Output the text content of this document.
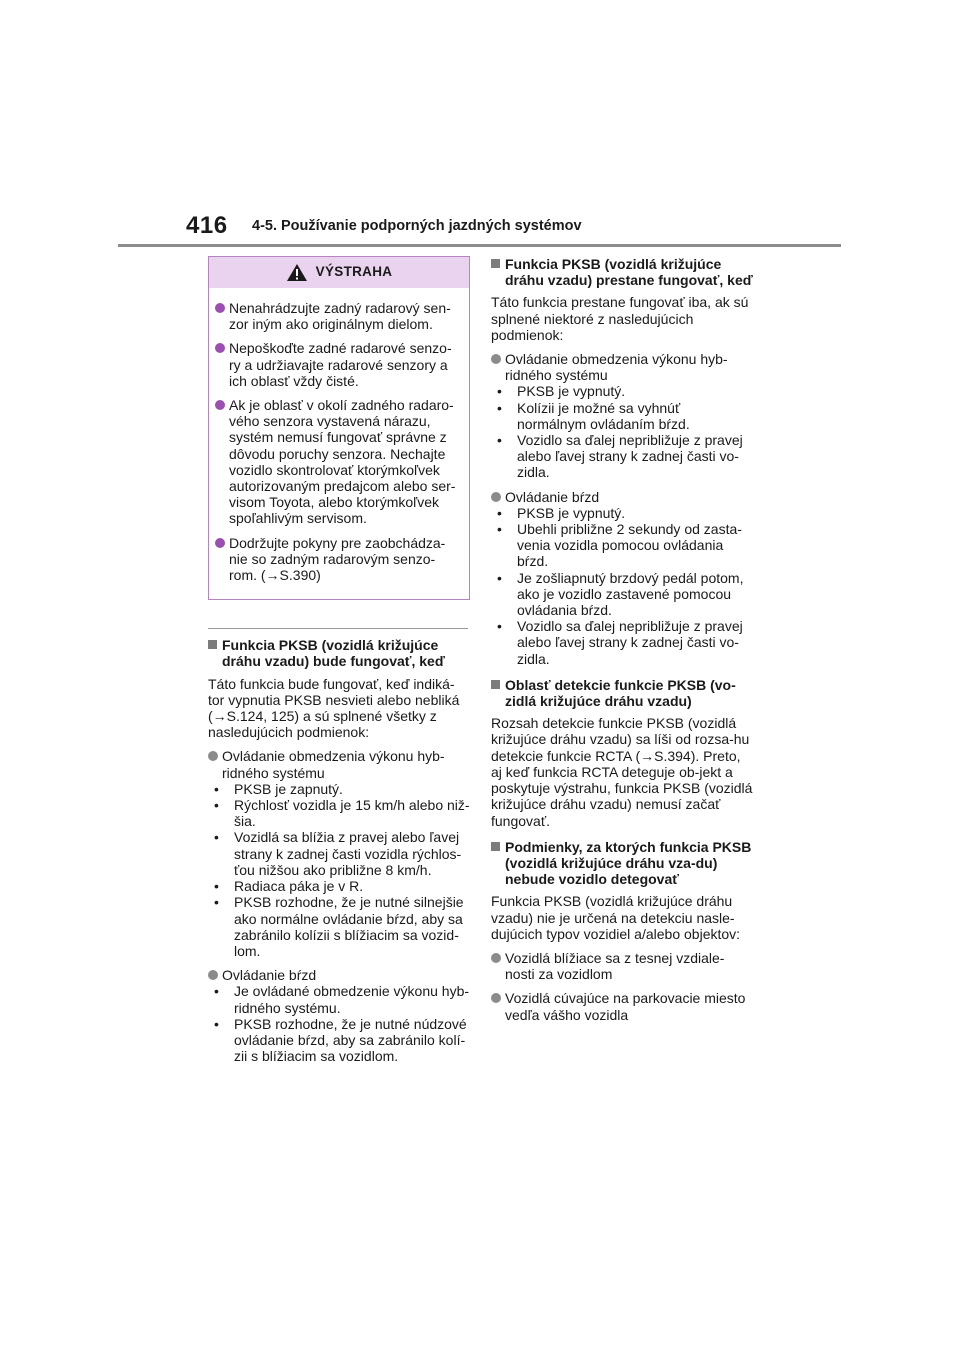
416 4-5. Používanie podporných jazdných systémov
VÝSTRAHA
Nenahrádzujte zadný radarový sen-zor iným ako originálnym dielom.
Nepoškoďte zadné radarové senzo-ry a udržiavajte radarové senzory a ich oblasť vždy čisté.
Ak je oblasť v okolí zadného radaro-vého senzora vystavená nárazu, systém nemusí fungovať správne z dôvodu poruchy senzora. Nechajte vozidlo skontrolovať ktorýmkoľvek autorizovaným predajcom alebo ser-visom Toyota, alebo ktorýmkoľvek spoľahlivým servisom.
Dodržujte pokyny pre zaobchádza-nie so zadným radarovým senzo-rom. (→S.390)
Funkcia PKSB (vozidlá križujúce dráhu vzadu) bude fungovať, keď

Táto funkcia bude fungovať, keď indiká-tor vypnutia PKSB nesvieti alebo nebliká (→S.124, 125) a sú splnené všetky z nasledujúcich podmienok:

Ovládanie obmedzenia výkonu hyb-ridného systému
• PKSB je zapnutý.
• Rýchlosť vozidla je 15 km/h alebo niž-šia.
• Vozidlá sa blížia z pravej alebo ľavej strany k zadnej časti vozidla rýchlos-ťou nižšou ako približne 8 km/h.
• Radiaca páka je v R.
• PKSB rozhodne, že je nutné silnejšie ako normálne ovládanie bŕzd, aby sa zabránilo kolízii s blížiacim sa vozid-lom.
Ovládanie bŕzd
• Je ovládané obmedzenie výkonu hyb-ridného systému.
• PKSB rozhodne, že je nutné núdzové ovládanie bŕzd, aby sa zabránilo kolí-zii s blížiacim sa vozidlom.
Funkcia PKSB (vozidlá križujúce dráhu vzadu) prestane fungovať, keď

Táto funkcia prestane fungovať iba, ak sú splnené niektoré z nasledujúcich podmienok:

Ovládanie obmedzenia výkonu hyb-ridného systému
• PKSB je vypnutý.
• Kolízii je možné sa vyhnúť normálnym ovládaním bŕzd.
• Vozidlo sa ďalej nepribližuje z pravej alebo ľavej strany k zadnej časti vo-zidla.
Ovládanie bŕzd
• PKSB je vypnutý.
• Ubehli približne 2 sekundy od zasta-venia vozidla pomocou ovládania bŕzd.
• Je zošliapnutý brzdový pedál potom, ako je vozidlo zastavené pomocou ovládania bŕzd.
• Vozidlo sa ďalej nepribližuje z pravej alebo ľavej strany k zadnej časti vo-zidla.
Oblasť detekcie funkcie PKSB (vo-zidlá križujúce dráhu vzadu)

Rozsah detekcie funkcie PKSB (vozidlá križujúce dráhu vzadu) sa líši od rozsa-hu detekcie funkcie RCTA (→S.394). Preto, aj keď funkcia RCTA deteguje ob-jekt a poskytuje výstrahu, funkcia PKSB (vozidlá križujúce dráhu vzadu) nemusí začať fungovať.

Podmienky, za ktorých funkcia PKSB (vozidlá križujúce dráhu vza-du) nebude vozidlo detegovať

Funkcia PKSB (vozidlá križujúce dráhu vzadu) nie je určená na detekciu nasle-dujúcich typov vozidiel a/alebo objektov:

Vozidlá blížiace sa z tesnej vzdiale-nosti za vozidlom
Vozidlá cúvajúce na parkovacie miesto vedľa vášho vozidla
